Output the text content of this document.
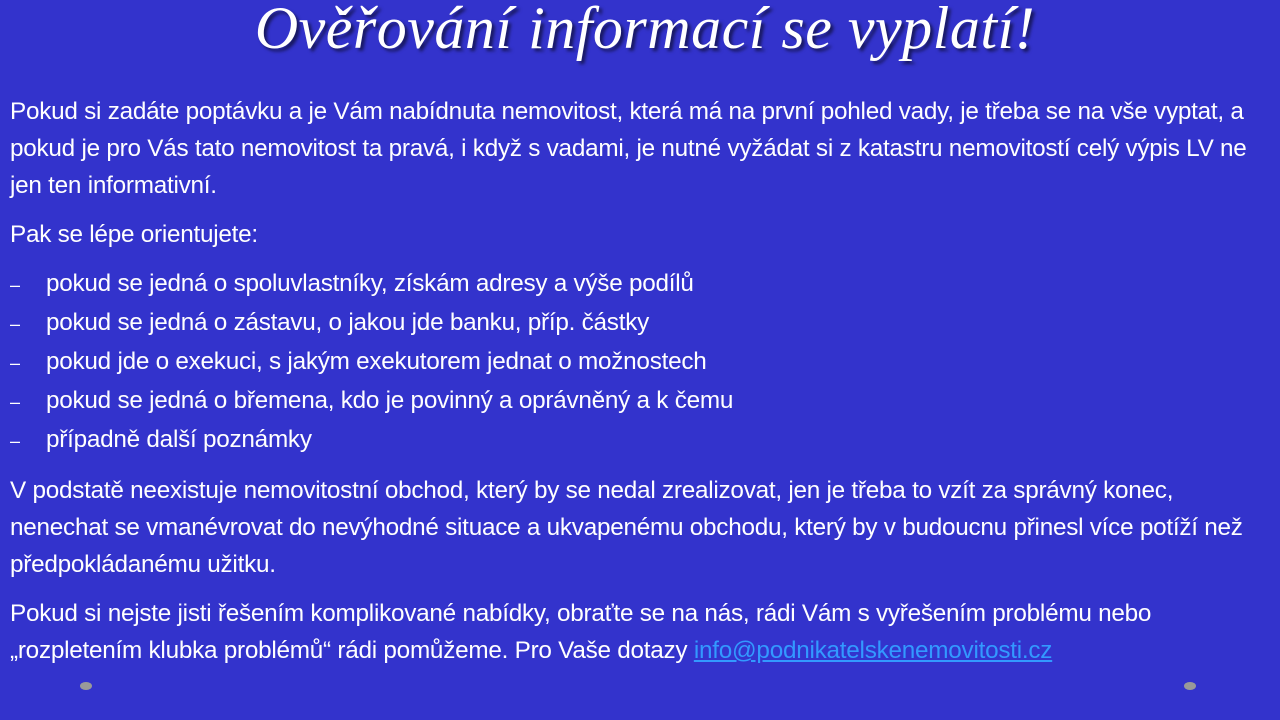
Ověřování informací se vyplatí!

Pokud si zadáte poptávku a je Vám nabídnuta nemovitost, která má na první pohled vady, je třeba se na vše vyptat, a pokud je pro Vás tato nemovitost ta pravá, i když s vadami, je nutné vyžádat si z katastru nemovitostí celý výpis LV ne jen ten informativní.

Pak se lépe orientujete:

–	pokud se jedná o spoluvlastníky, získám adresy a výše podílů
–	pokud se jedná o zástavu, o jakou jde banku, příp. částky
–	pokud jde o exekuci, s jakým exekutorem jednat o možnostech
–	pokud se jedná o břemena, kdo je povinný a oprávněný a k čemu
–	případně další poznámky

V podstatě neexistuje nemovitostní obchod, který by se nedal zrealizovat, jen je třeba to vzít za správný konec, nenechat se vmanévrovat do nevýhodné situace a ukvapenému obchodu, který by v budoucnu přinesl více potíží než předpokládanému užitku.

Pokud si nejste jisti řešením komplikované nabídky, obraťte se na nás, rádi Vám s vyřešením problému nebo „rozpletením klubka problémů“ rádi pomůžeme. Pro Vaše dotazy info@podnikatelskenemovitosti.cz
